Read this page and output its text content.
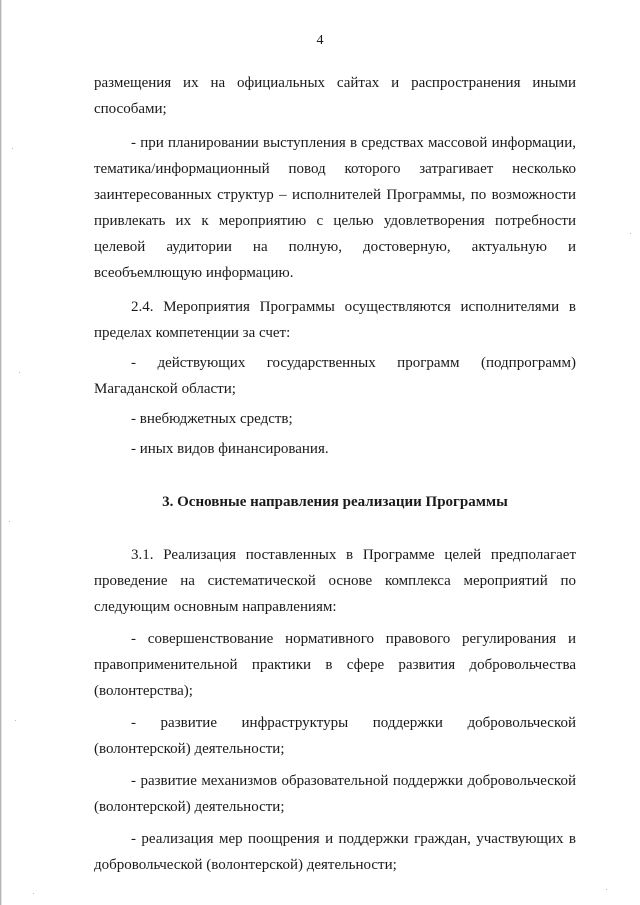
4

размещения их на официальных сайтах и распространения иными способами;

- при планировании выступления в средствах массовой информации, тематика/информационный повод которого затрагивает несколько заинтересованных структур – исполнителей Программы, по возможности привлекать их к мероприятию с целью удовлетворения потребности целевой аудитории на полную, достоверную, актуальную и всеобъемлющую информацию.

2.4. Мероприятия Программы осуществляются исполнителями в пределах компетенции за счет:

- действующих государственных программ (подпрограмм) Магаданской области;

- внебюджетных средств;

- иных видов финансирования.

3. Основные направления реализации Программы

3.1. Реализация поставленных в Программе целей предполагает проведение на систематической основе комплекса мероприятий по следующим основным направлениям:

- совершенствование нормативного правового регулирования и правоприменительной практики в сфере развития добровольчества (волонтерства);

- развитие инфраструктуры поддержки добровольческой (волонтерской) деятельности;

- развитие механизмов образовательной поддержки добровольческой (волонтерской) деятельности;

- реализация мер поощрения и поддержки граждан, участвующих в добровольческой (волонтерской) деятельности;
